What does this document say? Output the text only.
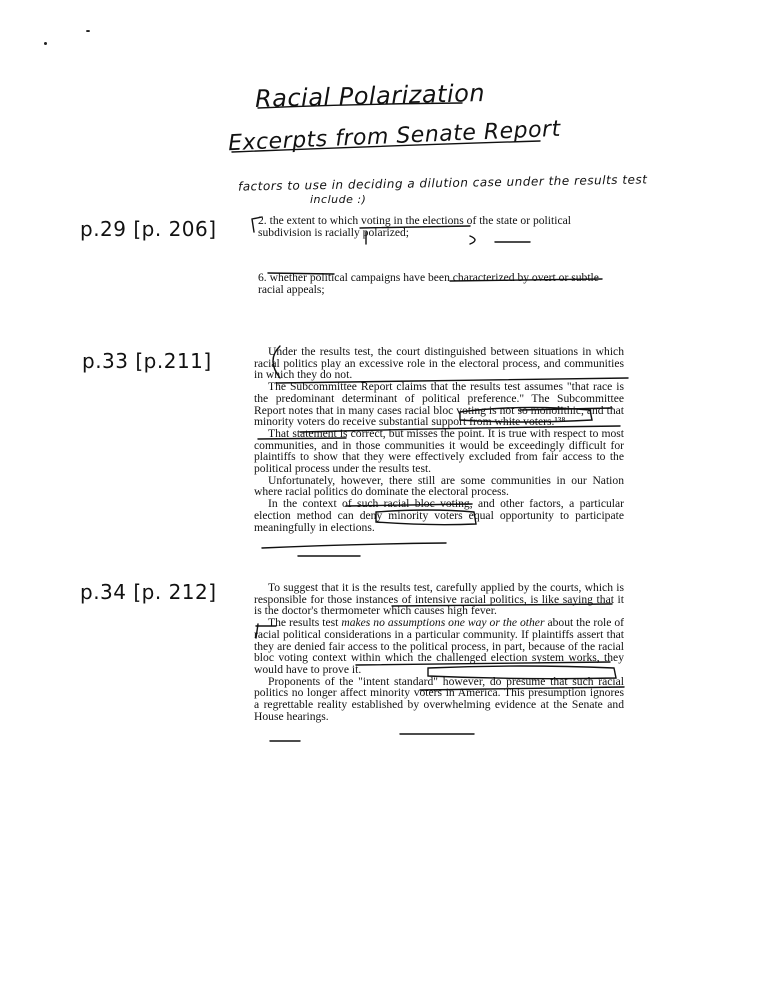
Racial Polarization
Excerpts from Senate Report
factors to use in deciding a dilution case under the results test
include :)
p.29 [p. 206]
p.33 [p.211]
p.34 [p. 212]

2. the extent to which voting in the elections of the state or political subdivision is racially polarized;

6. whether political campaigns have been characterized by overt or subtle racial appeals;

Under the results test, the court distinguished between situations in which racial politics play an excessive role in the electoral process, and communities in which they do not.

The Subcommittee Report claims that the results test assumes "that race is the predominant determinant of political preference." The Subcommittee Report notes that in many cases racial bloc voting is not so monolithic, and that minority voters do receive substantial support from white voters.¹³⁸

That statement is correct, but misses the point. It is true with respect to most communities, and in those communities it would be exceedingly difficult for plaintiffs to show that they were effectively excluded from fair access to the political process under the results test.

Unfortunately, however, there still are some communities in our Nation where racial politics do dominate the electoral process.

In the context of such racial bloc voting, and other factors, a particular election method can deny minority voters equal opportunity to participate meaningfully in elections.

To suggest that it is the results test, carefully applied by the courts, which is responsible for those instances of intensive racial politics, is like saying that it is the doctor's thermometer which causes high fever.

The results test makes no assumptions one way or the other about the role of racial political considerations in a particular community. If plaintiffs assert that they are denied fair access to the political process, in part, because of the racial bloc voting context within which the challenged election system works, they would have to prove it.

Proponents of the "intent standard" however, do presume that such racial politics no longer affect minority voters in America. This presumption ignores a regrettable reality established by overwhelming evidence at the Senate and House hearings.
